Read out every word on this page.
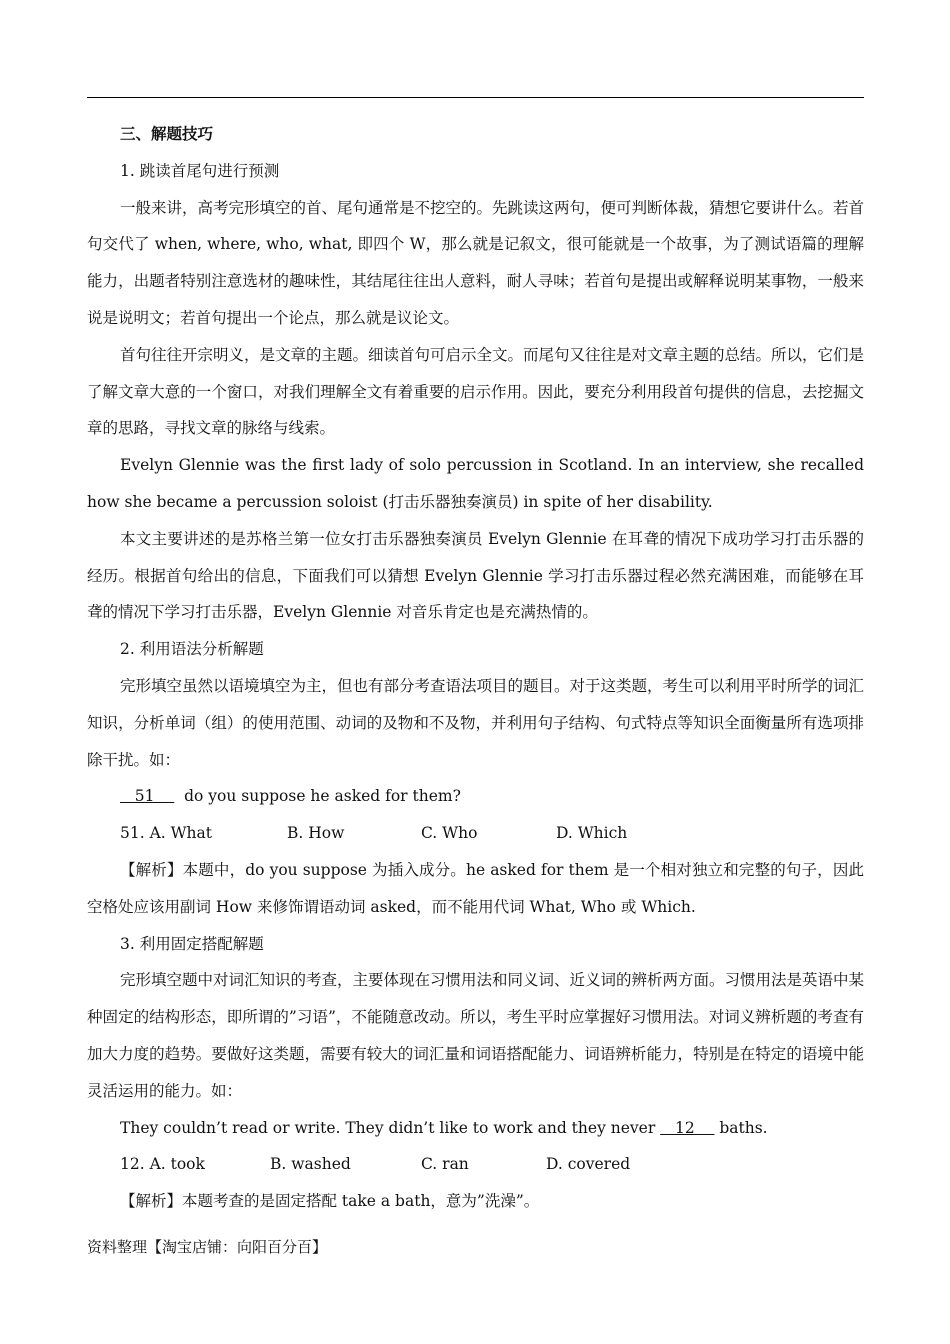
三、解题技巧

1. 跳读首尾句进行预测

一般来讲，高考完形填空的首、尾句通常是不挖空的。先跳读这两句，便可判断体裁，猜想它要讲什么。若首句交代了 when, where, who, what, 即四个 W，那么就是记叙文，很可能就是一个故事，为了测试语篇的理解能力，出题者特别注意选材的趣味性，其结尾往往出人意料，耐人寻味；若首句是提出或解释说明某事物，一般来说是说明文；若首句提出一个论点，那么就是议论文。

首句往往开宗明义，是文章的主题。细读首句可启示全文。而尾句又往往是对文章主题的总结。所以，它们是了解文章大意的一个窗口，对我们理解全文有着重要的启示作用。因此，要充分利用段首句提供的信息，去挖掘文章的思路，寻找文章的脉络与线索。

Evelyn Glennie was the first lady of solo percussion in Scotland. In an interview, she recalled how she became a percussion soloist (打击乐器独奏演员) in spite of her disability.

本文主要讲述的是苏格兰第一位女打击乐器独奏演员 Evelyn Glennie 在耳聋的情况下成功学习打击乐器的经历。根据首句给出的信息，下面我们可以猜想 Evelyn Glennie 学习打击乐器过程必然充满困难，而能够在耳聋的情况下学习打击乐器，Evelyn Glennie 对音乐肯定也是充满热情的。

2. 利用语法分析解题

完形填空虽然以语境填空为主，但也有部分考查语法项目的题目。对于这类题，考生可以利用平时所学的词汇知识，分析单词（组）的使用范围、动词的及物和不及物，并利用句子结构、句式特点等知识全面衡量所有选项排除干扰。如：

51      do you suppose he asked for them?

51. A. What	B. How	C. Who	D. Which

【解析】本题中，do you suppose 为插入成分。he asked for them 是一个相对独立和完整的句子，因此空格处应该用副词 How 来修饰谓语动词 asked，而不能用代词 What, Who 或 Which.

3. 利用固定搭配解题

完形填空题中对词汇知识的考查，主要体现在习惯用法和同义词、近义词的辨析两方面。习惯用法是英语中某种固定的结构形态，即所谓的”习语”，不能随意改动。所以，考生平时应掌握好习惯用法。对词义辨析题的考查有加大力度的趋势。要做好这类题，需要有较大的词汇量和词语搭配能力、词语辨析能力，特别是在特定的语境中能灵活运用的能力。如：

They couldn’t read or write. They didn’t like to work and they never    12     baths.

12. A. took	B. washed	C. ran	D. covered

【解析】本题考查的是固定搭配 take a bath，意为”洗澡”。

资料整理【淘宝店铺：向阳百分百】
